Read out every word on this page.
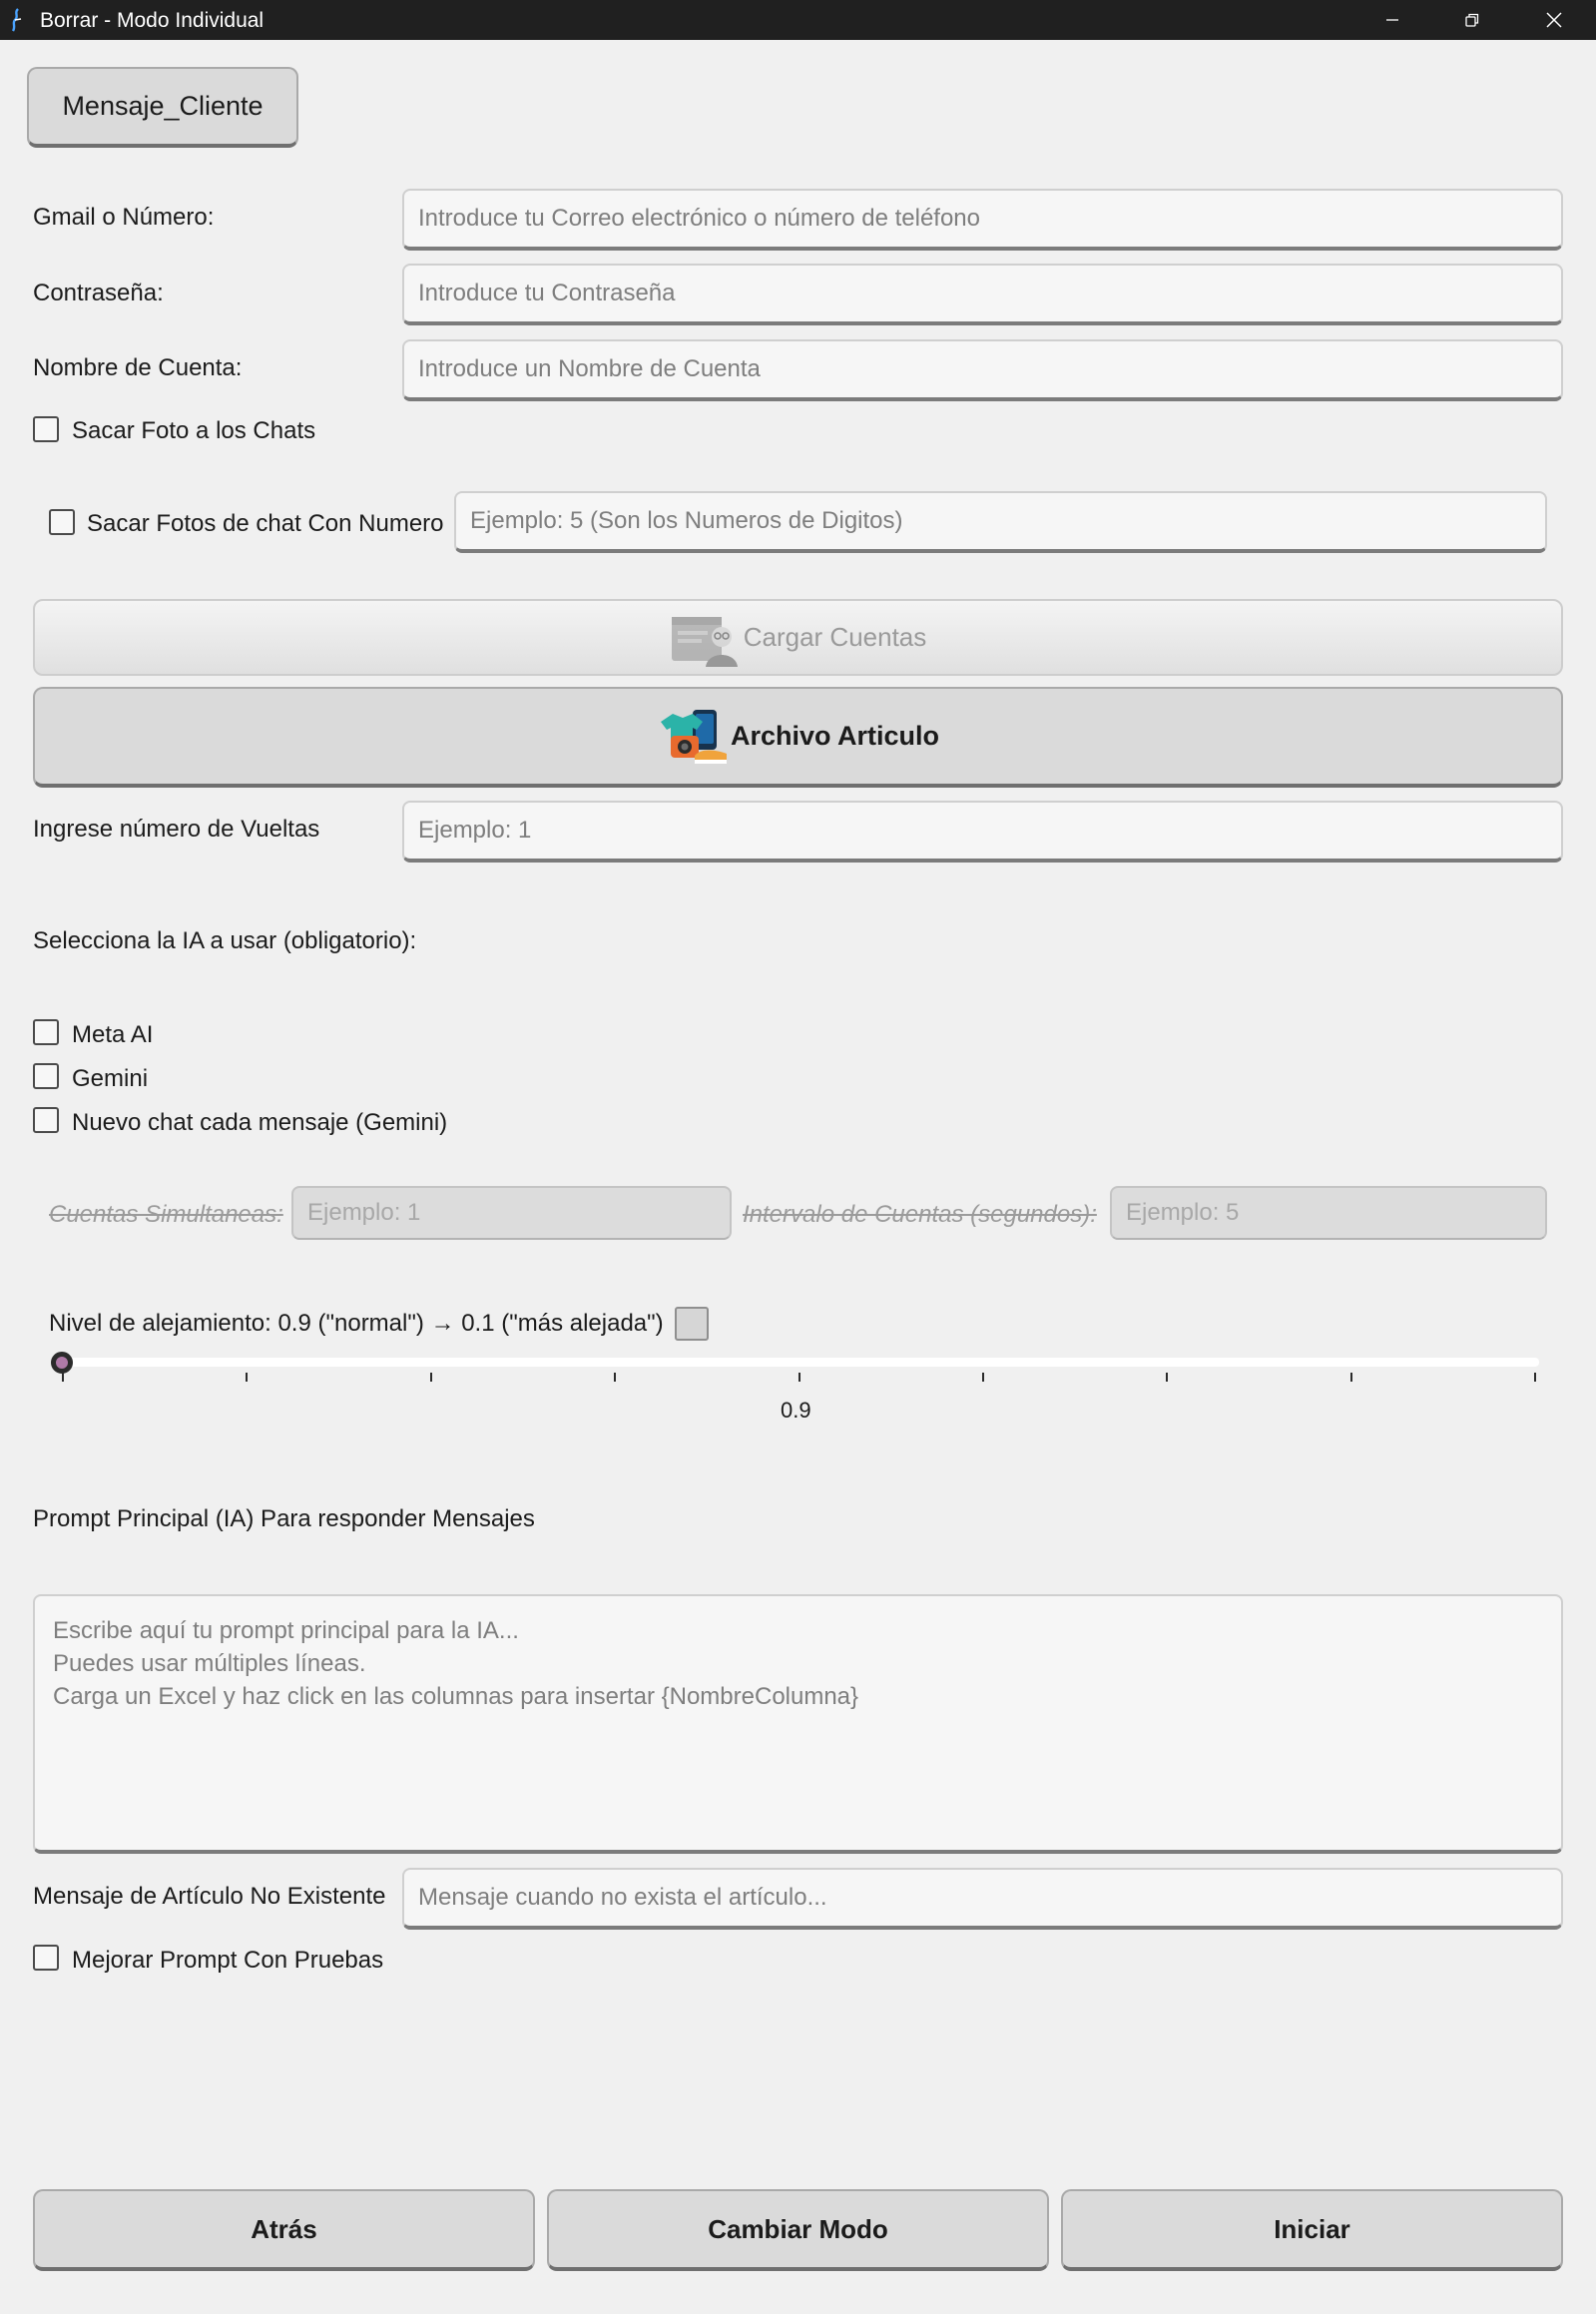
Borrar - Modo Individual
Mensaje_Cliente
Gmail o Número:
Introduce tu Correo electrónico o número de teléfono
Contraseña:
Introduce tu Contraseña
Nombre de Cuenta:
Introduce un Nombre de Cuenta
Sacar Foto a los Chats
Sacar Fotos de chat Con Numero
Ejemplo: 5 (Son los Numeros de Digitos)
Cargar Cuentas
Archivo Articulo
Ingrese número de Vueltas
Ejemplo: 1
Selecciona la IA a usar (obligatorio):
Meta AI
Gemini
Nuevo chat cada mensaje (Gemini)
Cuentas Simultaneas:
Ejemplo: 1	Intervalo de Cuentas (segundos):
Ejemplo: 5
Nivel de alejamiento: 0.9 ("normal") → 0.1 ("más alejada")
0.9
Prompt Principal (IA) Para responder Mensajes
Escribe aquí tu prompt principal para la IA... Puedes usar múltiples líneas. Carga un Excel y haz click en las columnas para insertar {NombreColumna}
Mensaje de Artículo No Existente
Mensaje cuando no exista el artículo...
Mejorar Prompt Con Pruebas
Atrás	Cambiar Modo	Iniciar
